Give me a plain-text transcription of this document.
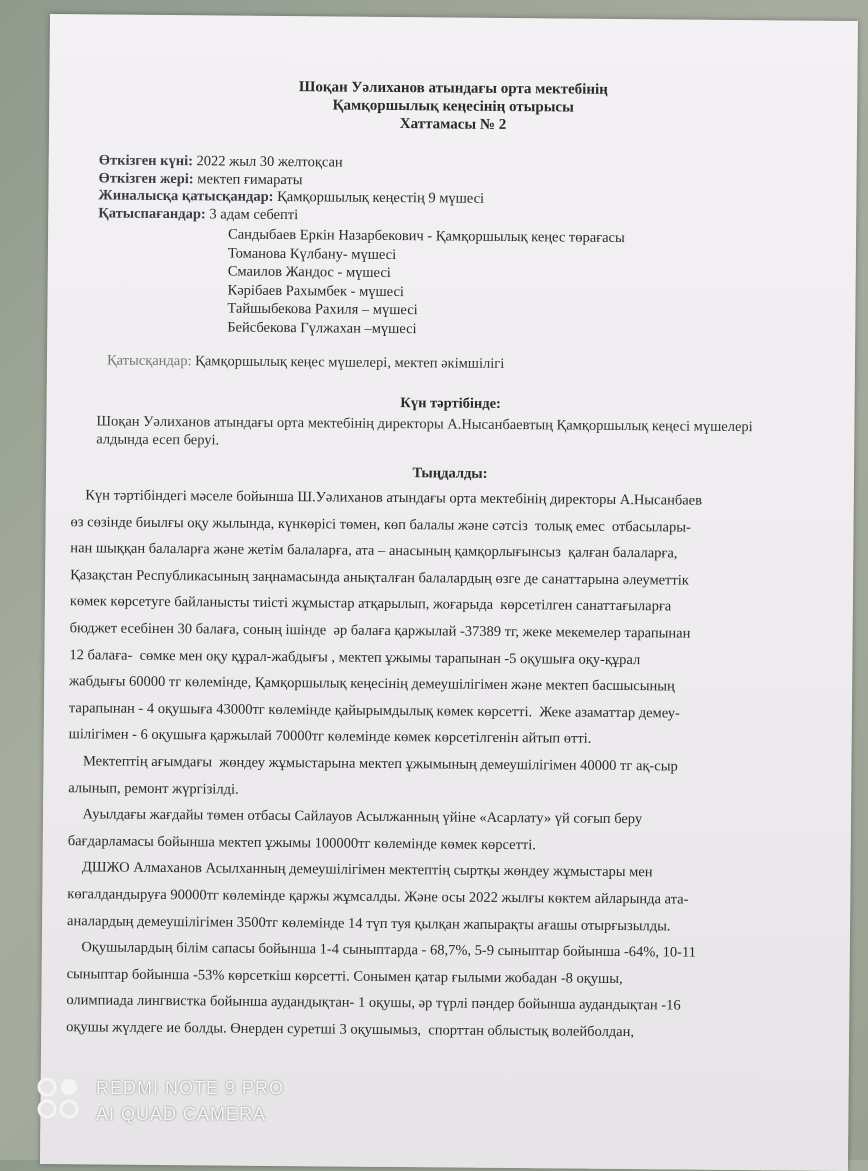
Шоқан Уәлиханов атындағы орта мектебінің
Қамқоршылық кеңесінің отырысы
Хаттамасы № 2
Өткізген күні: 2022 жыл 30 желтоқсан
Өткізген жері: мектеп ғимараты
Жиналысқа қатысқандар: Қамқоршылық кеңестің 9 мүшесі
Қатыспағандар: 3 адам себепті
Сандыбаев Еркін Назарбекович - Қамқоршылық кеңес төрағасы
Томанова Күлбану- мүшесі
Смаилов Жандос - мүшесі
Кәрібаев Рахымбек - мүшесі
Тайшыбекова Рахиля – мүшесі
Бейсбекова Гүлжахан –мүшесі
Қатысқандар: Қамқоршылық кеңес мүшелері, мектеп әкімшілігі
Күн тәртібінде:
Шоқан Уәлиханов атындағы орта мектебінің директоры А.Нысанбаевтың Қамқоршылық кеңесі мүшелері алдында есеп беруі.
Тыңдалды:

Күн тәртібіндегі мәселе бойынша Ш.Уәлиханов атындағы орта мектебінің директоры А.Нысанбаев

өз сөзінде биылғы оқу жылында, күнкөрісі төмен, көп балалы және сәтсіз  толық емес  отбасылары-

нан шыққан балаларға және жетім балаларға, ата – анасының қамқорлығынсыз  қалған балаларға,

Қазақстан Республикасының заңнамасында анықталған балалардың өзге де санаттарына әлеуметтік

көмек көрсетуге байланысты тиісті жұмыстар атқарылып, жоғарыда  көрсетілген санаттағыларға

бюджет есебінен 30 балаға, соның ішінде  әр балаға қаржылай -37389 тг, жеке мекемелер тарапынан

12 балаға-  сөмке мен оқу құрал-жабдығы , мектеп ұжымы тарапынан -5 оқушыға оқу-құрал

жабдығы 60000 тг көлемінде, Қамқоршылық кеңесінің демеушілігімен және мектеп басшысының

тарапынан - 4 оқушыға 43000тг көлемінде қайырымдылық көмек көрсетті.  Жеке азаматтар демеу-

шілігімен - 6 оқушыға қаржылай 70000тг көлемінде көмек көрсетілгенін айтып өтті.

Мектептің ағымдағы  жөндеу жұмыстарына мектеп ұжымының демеушілігімен 40000 тг ақ-сыр

алынып, ремонт жүргізілді.

Ауылдағы жағдайы төмен отбасы Сайлауов Асылжанның үйіне «Асарлату» үй соғып беру

бағдарламасы бойынша мектеп ұжымы 100000тг көлемінде көмек көрсетті.

ДШЖО Алмаханов Асылханның демеушілігімен мектептің сыртқы жөндеу жұмыстары мен

көгалдандыруға 90000тг көлемінде қаржы жұмсалды. Және осы 2022 жылғы көктем айларында ата-

аналардың демеушілігімен 3500тг көлемінде 14 түп туя қылқан жапырақты ағашы отырғызылды.

Оқушылардың білім сапасы бойынша 1-4 сыныптарда - 68,7%, 5-9 сыныптар бойынша -64%, 10-11

сыныптар бойынша -53% көрсеткіш көрсетті. Сонымен қатар ғылыми жобадан -8 оқушы,

олимпиада лингвистка бойынша аудандықтан- 1 оқушы, әр түрлі пәндер бойынша аудандықтан -16

оқушы жүлдеге ие болды. Өнерден суретші 3 оқушымыз,  спорттан облыстық волейболдан,

REDMI NOTE 9 PRO
AI QUAD CAMERA
